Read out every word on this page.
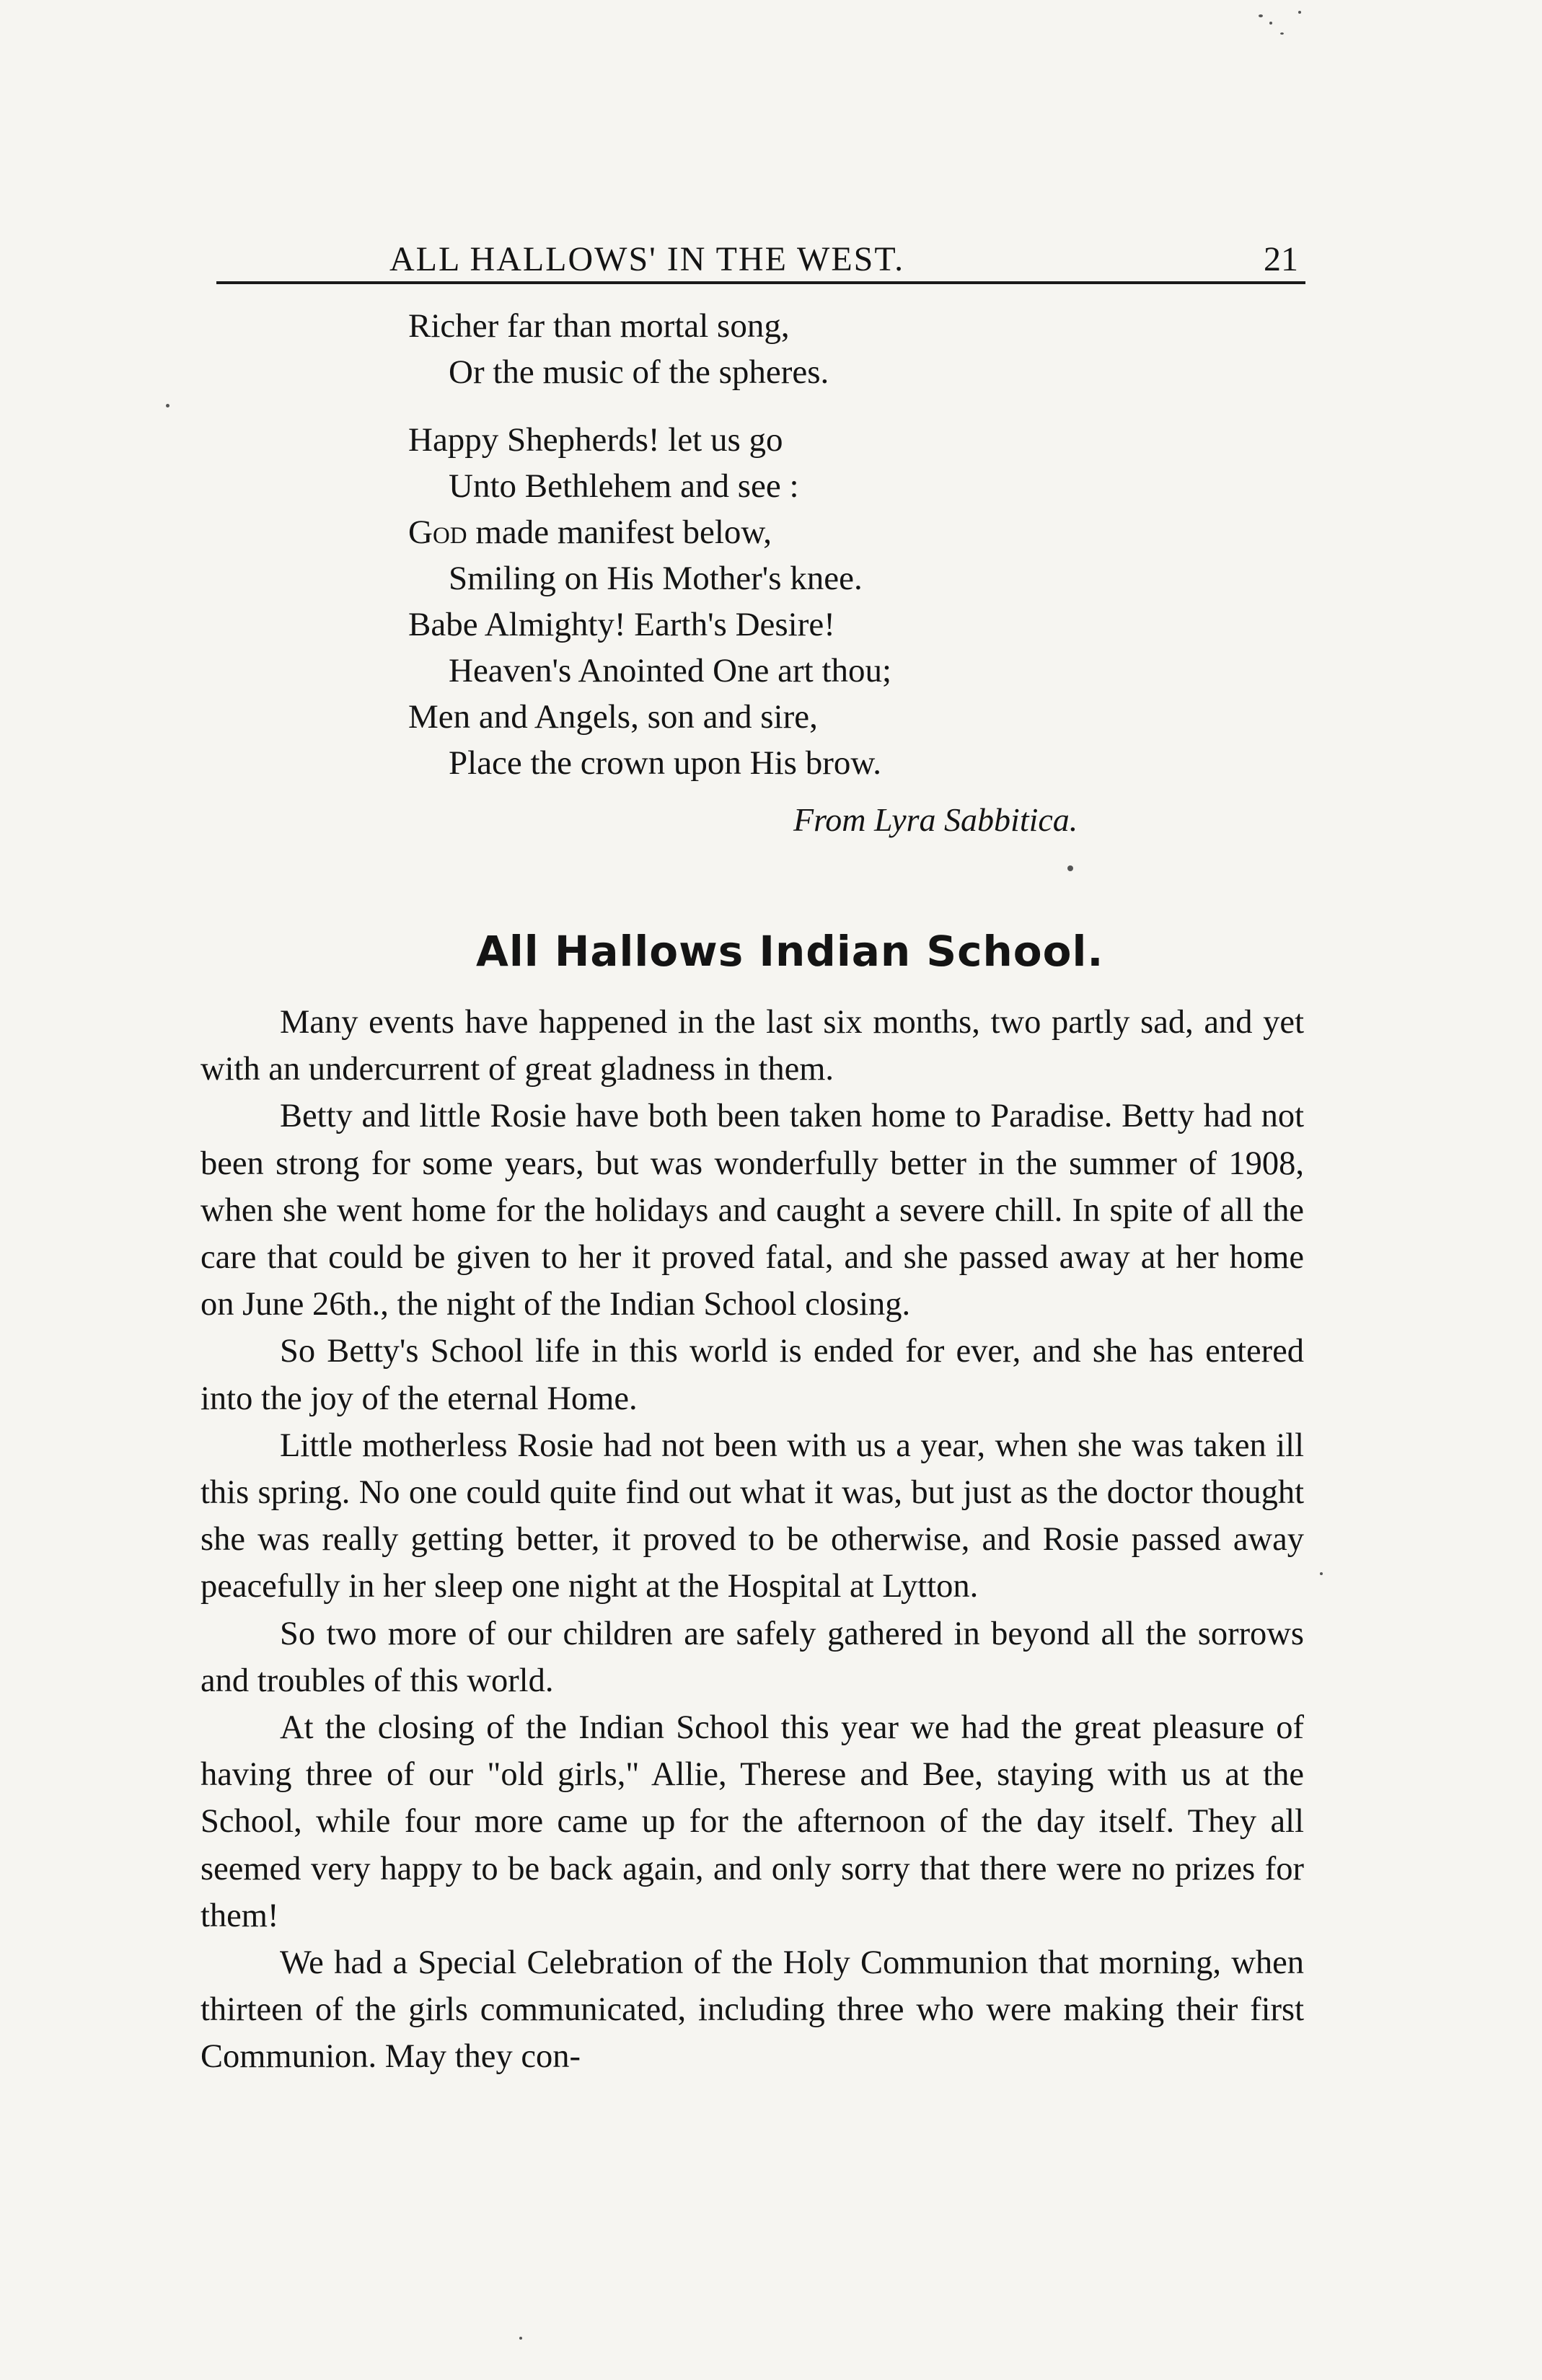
ALL HALLOWS' IN THE WEST.	21
Richer far than mortal song,
Or the music of the spheres.
Happy Shepherds! let us go
Unto Bethlehem and see :
God made manifest below,
Smiling on His Mother's knee.
Babe Almighty! Earth's Desire!
Heaven's Anointed One art thou;
Men and Angels, son and sire,
Place the crown upon His brow.
From Lyra Sabbitica.
All Hallows Indian School.

Many events have happened in the last six months, two partly sad, and yet with an undercurrent of great gladness in them.

Betty and little Rosie have both been taken home to Paradise. Betty had not been strong for some years, but was wonderfully better in the summer of 1908, when she went home for the holidays and caught a severe chill. In spite of all the care that could be given to her it proved fatal, and she passed away at her home on June 26th., the night of the Indian School closing.

So Betty's School life in this world is ended for ever, and she has entered into the joy of the eternal Home.

Little motherless Rosie had not been with us a year, when she was taken ill this spring. No one could quite find out what it was, but just as the doctor thought she was really getting better, it proved to be otherwise, and Rosie passed away peacefully in her sleep one night at the Hospital at Lytton.

So two more of our children are safely gathered in beyond all the sorrows and troubles of this world.

At the closing of the Indian School this year we had the great pleasure of having three of our "old girls," Allie, Therese and Bee, staying with us at the School, while four more came up for the afternoon of the day itself. They all seemed very happy to be back again, and only sorry that there were no prizes for them!

We had a Special Celebration of the Holy Communion that morning, when thirteen of the girls communicated, including three who were making their first Communion. May they con-
